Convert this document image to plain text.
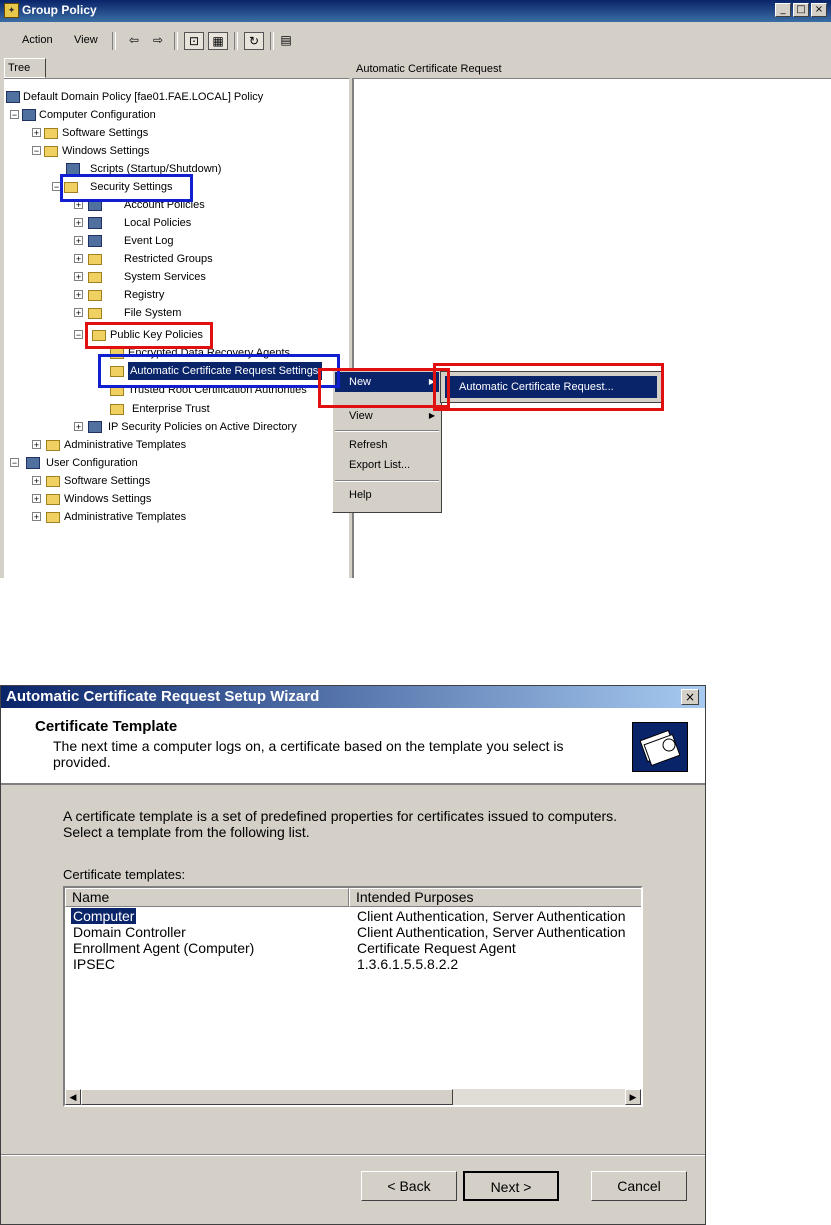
✦ Group Policy	_	□ ×
Action View	⇦	⇨	⊡	▦	↻	▤
Tree	Automatic Certificate Request
Default Domain Policy [fae01.FAE.LOCAL] Policy
− Computer Configuration
+ Software Settings
− Windows Settings
Scripts (Startup/Shutdown)
−	Security Settings
+	Account Policies
+	Local Policies
+	Event Log
+	Restricted Groups
+	System Services
+	Registry
+	File System
−	Public Key Policies
Encrypted Data Recovery Agents
Automatic Certificate Request Settings
Trusted Root Certification Authorities
Enterprise Trust
+ IP Security Policies on Active Directory
+ Administrative Templates
−	User Configuration
+ Software Settings
+ Windows Settings
+ Administrative Templates
New	▶
View	▶
Refresh
Export List...
Help
Automatic Certificate Request...
Automatic Certificate Request Setup Wizard	×
Certificate Template
The next time a computer logs on, a certificate based on the template you select is provided.
A certificate template is a set of predefined properties for certificates issued to computers. Select a template from the following list.
Certificate templates:
Name	Intended Purposes
Computer	Client Authentication, Server Authentication
Domain Controller	Client Authentication, Server Authentication
Enrollment Agent (Computer)	Certificate Request Agent
IPSEC	1.3.6.1.5.5.8.2.2
◀	▶
< Back	Next >	Cancel
